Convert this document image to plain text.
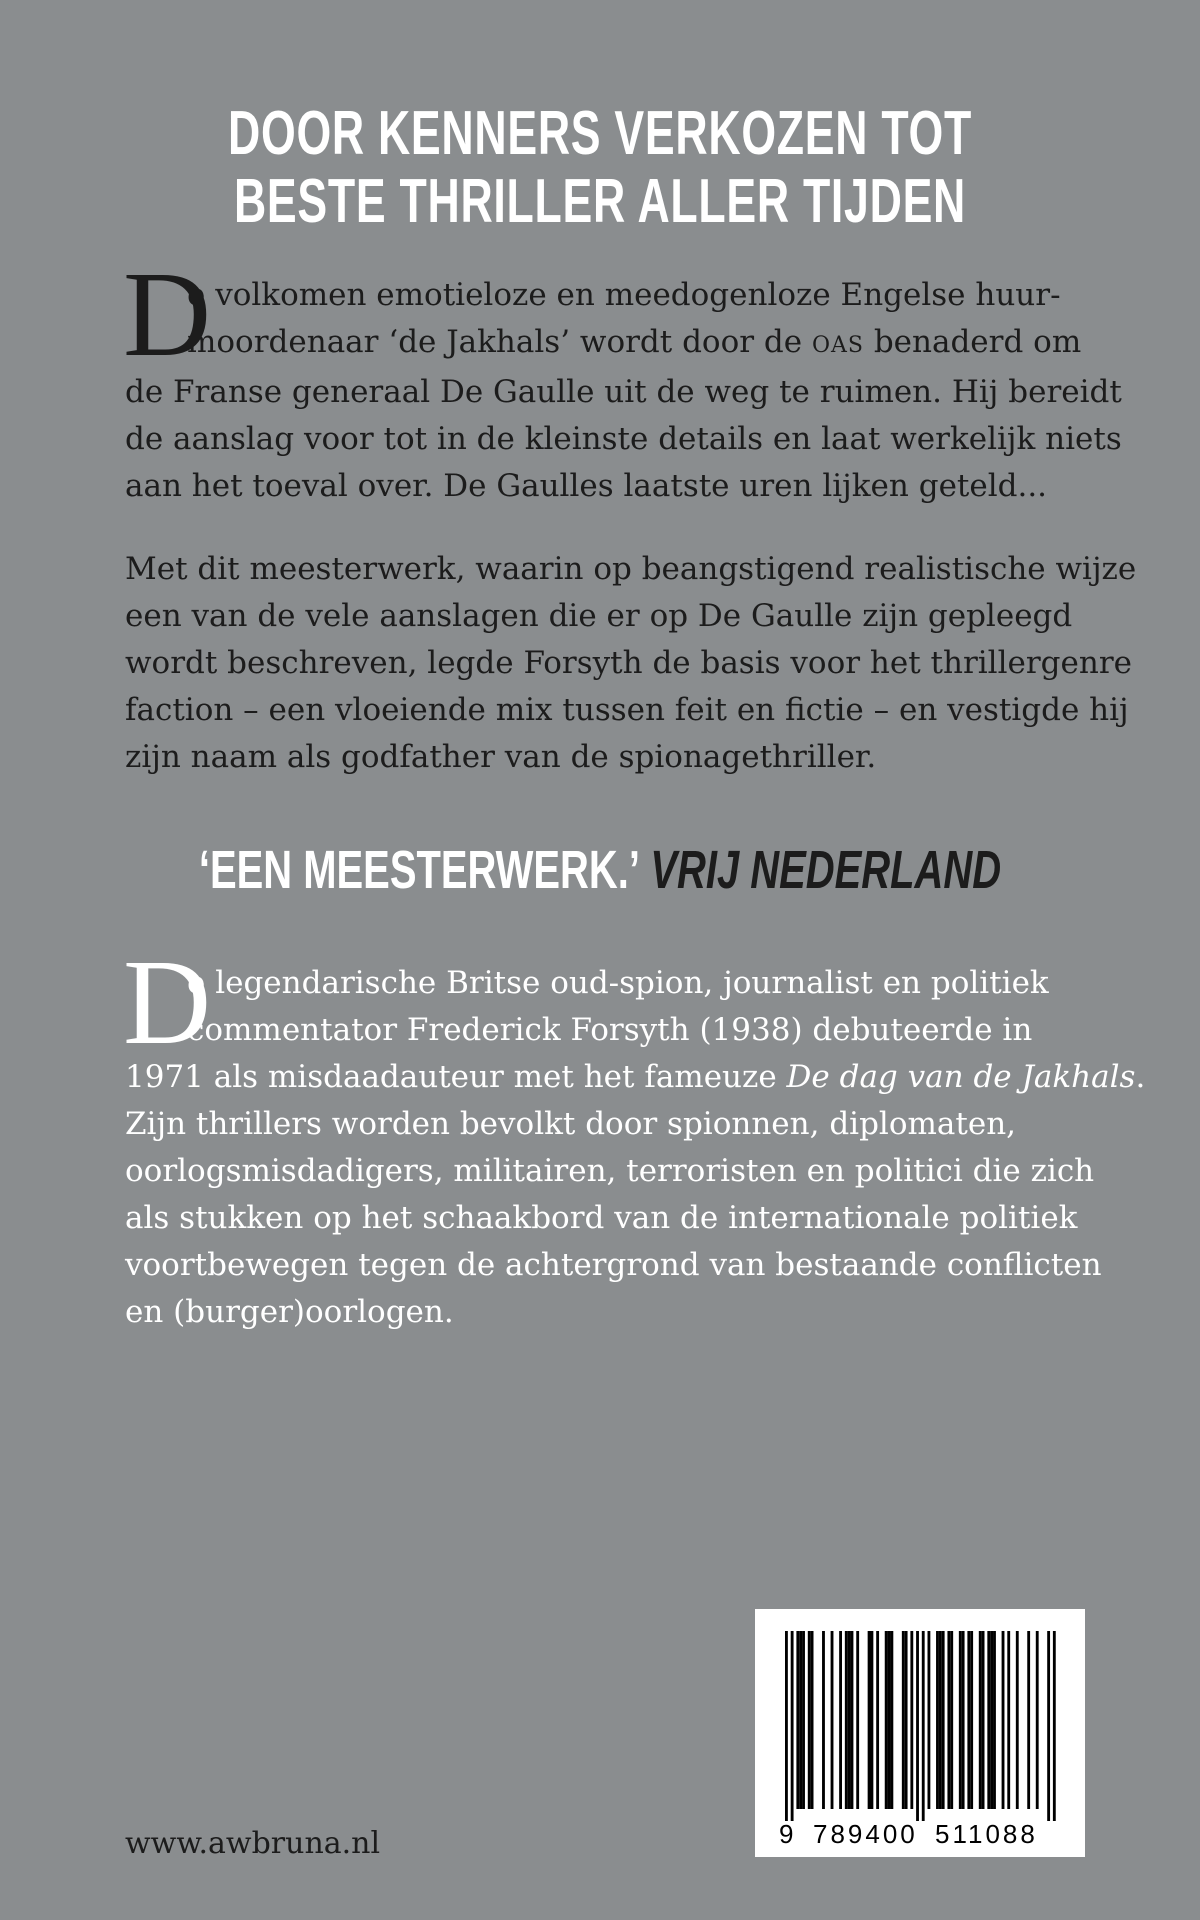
DOOR KENNERS VERKOZEN TOT
BESTE THRILLER ALLER TIJDEN
D
e volkomen emotieloze en meedogenloze Engelse huur-
moordenaar ‘de Jakhals’ wordt door de OAS benaderd om
de Franse generaal De Gaulle uit de weg te ruimen. Hij bereidt
de aanslag voor tot in de kleinste details en laat werkelijk niets
aan het toeval over. De Gaulles laatste uren lijken geteld...
Met dit meesterwerk, waarin op beangstigend realistische wijze
een van de vele aanslagen die er op De Gaulle zijn gepleegd
wordt beschreven, legde Forsyth de basis voor het thrillergenre
faction – een vloeiende mix tussen feit en fictie – en vestigde hij
zijn naam als godfather van de spionagethriller.
‘EEN MEESTERWERK.’ VRIJ NEDERLAND
D
e legendarische Britse oud-spion, journalist en politiek
commentator Frederick Forsyth (1938) debuteerde in
1971 als misdaadauteur met het fameuze De dag van de Jakhals.
Zijn thrillers worden bevolkt door spionnen, diplomaten,
oorlogsmisdadigers, militairen, terroristen en politici die zich
als stukken op het schaakbord van de internationale politiek
voortbewegen tegen de achtergrond van bestaande conflicten
en (burger)oorlogen.
www.awbruna.nl	9 789400 511088
